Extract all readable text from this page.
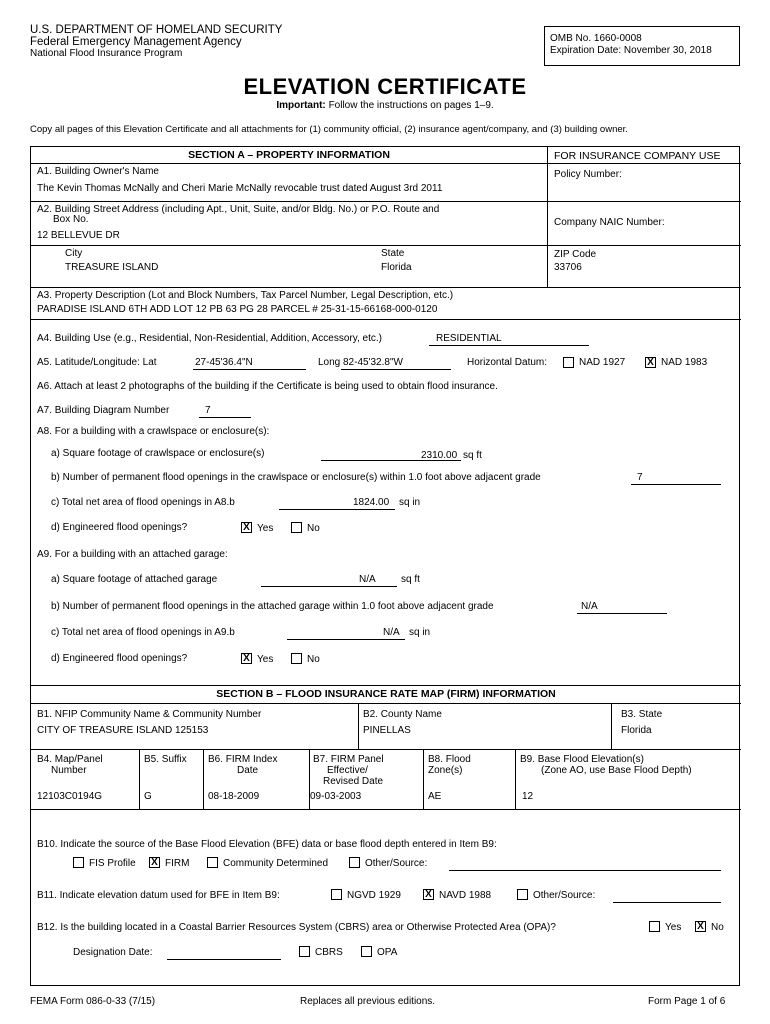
U.S. DEPARTMENT OF HOMELAND SECURITY
Federal Emergency Management Agency
National Flood Insurance Program
OMB No. 1660-0008
Expiration Date: November 30, 2018
ELEVATION CERTIFICATE
Important: Follow the instructions on pages 1–9.
Copy all pages of this Elevation Certificate and all attachments for (1) community official, (2) insurance agent/company, and (3) building owner.
SECTION A – PROPERTY INFORMATION	FOR INSURANCE COMPANY USE
A1. Building Owner's Name
The Kevin Thomas McNally and Cheri Marie McNally revocable trust dated August 3rd 2011
Policy Number:
A2. Building Street Address (including Apt., Unit, Suite, and/or Bldg. No.) or P.O. Route and
Box No.
12 BELLEVUE DR
Company NAIC Number:
City
TREASURE ISLAND
State
Florida
ZIP Code
33706
A3. Property Description (Lot and Block Numbers, Tax Parcel Number, Legal Description, etc.)
PARADISE ISLAND 6TH ADD LOT 12 PB 63 PG 28 PARCEL # 25-31-15-66168-000-0120
A4. Building Use (e.g., Residential, Non-Residential, Addition, Accessory, etc.)	RESIDENTIAL
A5. Latitude/Longitude: Lat	27-45'36.4"N	Long 82-45'32.8"W	Horizontal Datum:	NAD 1927 X NAD 1983
A6. Attach at least 2 photographs of the building if the Certificate is being used to obtain flood insurance.
A7. Building Diagram Number	7
A8. For a building with a crawlspace or enclosure(s):
a) Square footage of crawlspace or enclosure(s)	2310.00 sq ft
b) Number of permanent flood openings in the crawlspace or enclosure(s) within 1.0 foot above adjacent grade	7
c) Total net area of flood openings in A8.b	1824.00 sq in
d) Engineered flood openings?	X Yes	No
A9. For a building with an attached garage:
a) Square footage of attached garage	N/A	sq ft
b) Number of permanent flood openings in the attached garage within 1.0 foot above adjacent grade	N/A
c) Total net area of flood openings in A9.b	N/A sq in
d) Engineered flood openings?	X Yes	No
SECTION B – FLOOD INSURANCE RATE MAP (FIRM) INFORMATION
B1. NFIP Community Name & Community Number
CITY OF TREASURE ISLAND 125153
B2. County Name
PINELLAS
B3. State
Florida
B4. Map/Panel
Number
12103C0194G
B5. Suffix
G
B6. FIRM Index
Date
08-18-2009
B7. FIRM Panel
Effective/
Revised Date
09-03-2003
B8. Flood
Zone(s)
AE
B9. Base Flood Elevation(s)
(Zone AO, use Base Flood Depth)
12
B10. Indicate the source of the Base Flood Elevation (BFE) data or base flood depth entered in Item B9:
FIS Profile X FIRM	Community Determined	Other/Source:
B11. Indicate elevation datum used for BFE in Item B9:	NGVD 1929 X NAVD 1988	Other/Source:
B12. Is the building located in a Coastal Barrier Resources System (CBRS) area or Otherwise Protected Area (OPA)?	Yes X No
Designation Date:	CBRS	OPA
FEMA Form 086-0-33 (7/15)	Replaces all previous editions.	Form Page 1 of 6
